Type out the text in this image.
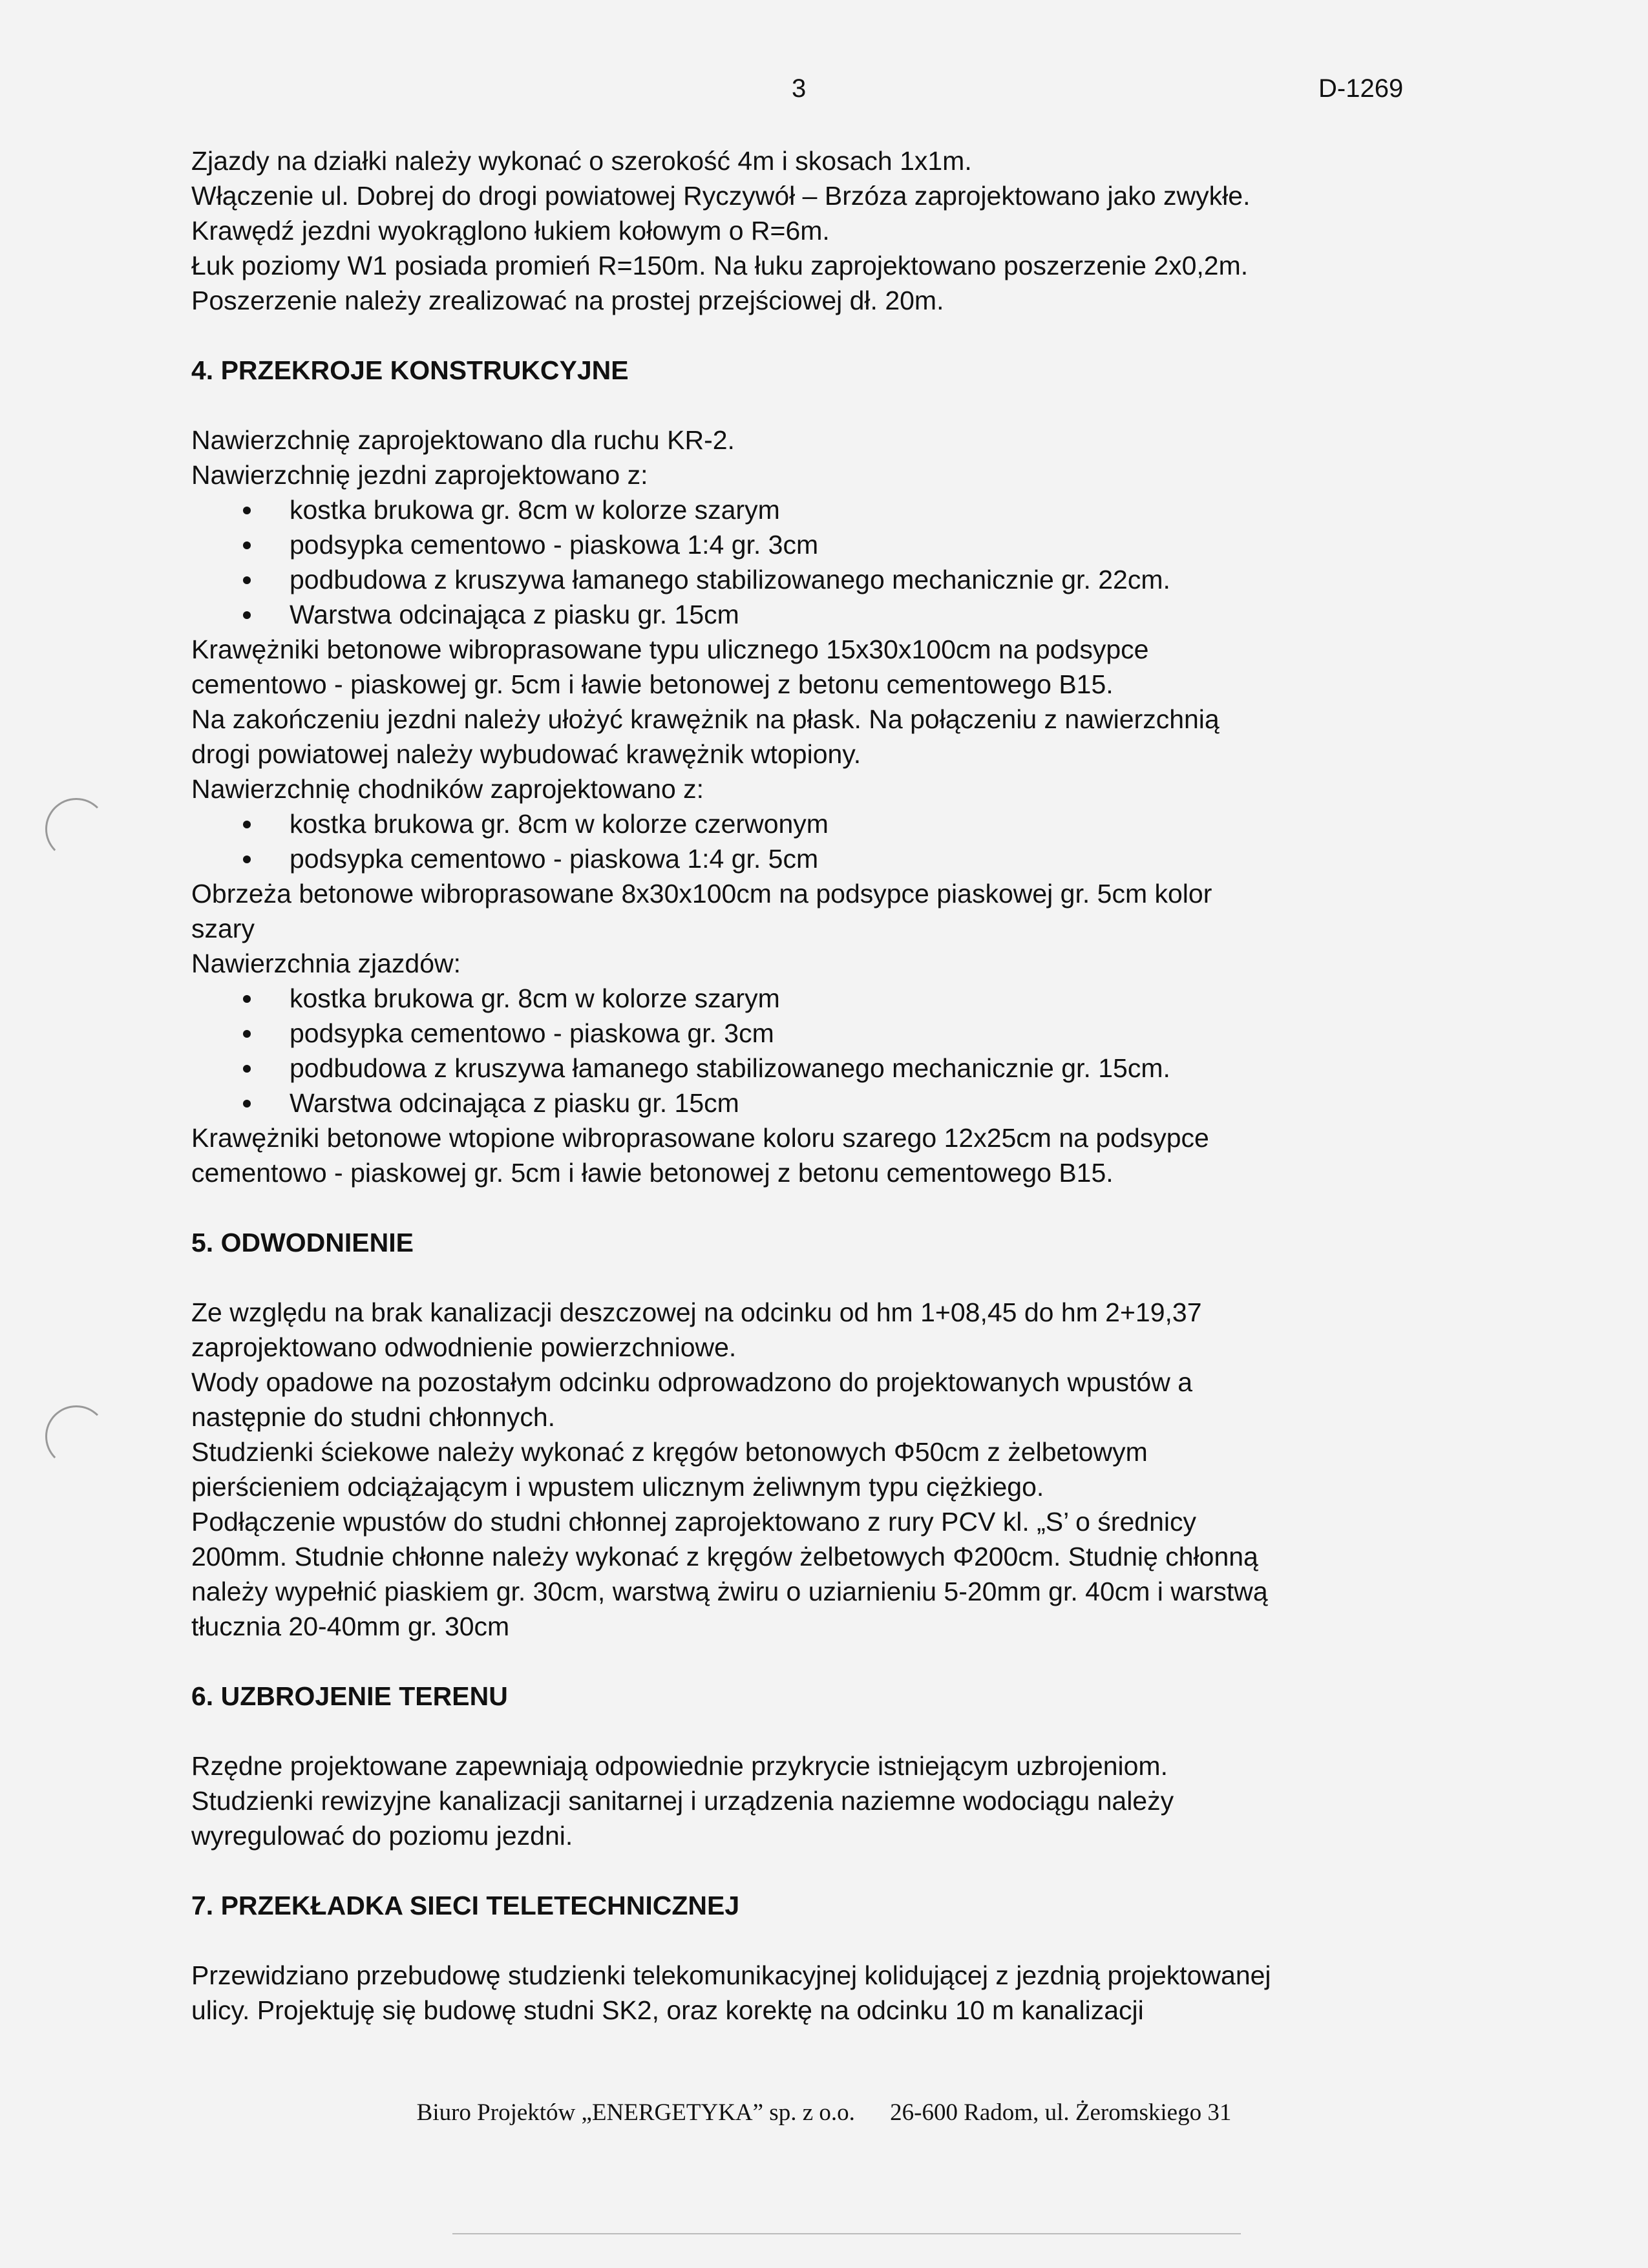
3	D-1269

Zjazdy na działki należy wykonać o szerokość 4m i skosach 1x1m.

Włączenie ul. Dobrej do drogi powiatowej Ryczywół – Brzóza zaprojektowano jako zwykłe.

Krawędź jezdni wyokrąglono łukiem kołowym o R=6m.

Łuk poziomy W1 posiada promień R=150m. Na łuku zaprojektowano poszerzenie 2x0,2m.

Poszerzenie należy zrealizować na prostej przejściowej dł. 20m.

4. PRZEKROJE KONSTRUKCYJNE

Nawierzchnię zaprojektowano dla ruchu KR-2.

Nawierzchnię jezdni zaprojektowano z:

kostka brukowa gr. 8cm w kolorze szarym
podsypka cementowo - piaskowa 1:4 gr. 3cm
podbudowa z kruszywa łamanego stabilizowanego mechanicznie gr. 22cm.
Warstwa odcinająca z piasku gr. 15cm

Krawężniki betonowe wibroprasowane typu ulicznego 15x30x100cm na podsypce

cementowo - piaskowej gr. 5cm i ławie betonowej z betonu cementowego B15.

Na zakończeniu jezdni należy ułożyć krawężnik na płask. Na połączeniu z nawierzchnią

drogi powiatowej należy wybudować krawężnik wtopiony.

Nawierzchnię chodników zaprojektowano z:

kostka brukowa gr. 8cm w kolorze czerwonym
podsypka cementowo - piaskowa 1:4 gr. 5cm

Obrzeża betonowe wibroprasowane 8x30x100cm na podsypce piaskowej gr. 5cm kolor

szary

Nawierzchnia zjazdów:

kostka brukowa gr. 8cm w kolorze szarym
podsypka cementowo - piaskowa gr. 3cm
podbudowa z kruszywa łamanego stabilizowanego mechanicznie gr. 15cm.
Warstwa odcinająca z piasku gr. 15cm

Krawężniki betonowe wtopione wibroprasowane koloru szarego 12x25cm na podsypce

cementowo - piaskowej gr. 5cm i ławie betonowej z betonu cementowego B15.

5. ODWODNIENIE

Ze względu na brak kanalizacji deszczowej na odcinku od hm 1+08,45 do hm 2+19,37

zaprojektowano odwodnienie powierzchniowe.

Wody opadowe na pozostałym odcinku odprowadzono do projektowanych wpustów a

następnie do studni chłonnych.

Studzienki ściekowe należy wykonać z kręgów betonowych Φ50cm z żelbetowym

pierścieniem odciążającym i wpustem ulicznym żeliwnym typu ciężkiego.

Podłączenie wpustów do studni chłonnej zaprojektowano z rury PCV kl. „S’ o średnicy

200mm. Studnie chłonne należy wykonać z kręgów żelbetowych Φ200cm. Studnię chłonną

należy wypełnić piaskiem gr. 30cm, warstwą żwiru o uziarnieniu 5-20mm gr. 40cm i warstwą

tłucznia 20-40mm gr. 30cm

6. UZBROJENIE TERENU

Rzędne projektowane zapewniają odpowiednie przykrycie istniejącym uzbrojeniom.

Studzienki rewizyjne kanalizacji sanitarnej i urządzenia naziemne wodociągu należy

wyregulować do poziomu jezdni.

7. PRZEKŁADKA SIECI TELETECHNICZNEJ

Przewidziano przebudowę studzienki telekomunikacyjnej kolidującej z jezdnią projektowanej

ulicy. Projektuję się budowę studni SK2, oraz korektę na odcinku 10 m kanalizacji

Biuro Projektów „ENERGETYKA” sp. z o.o. 26-600 Radom, ul. Żeromskiego 31
